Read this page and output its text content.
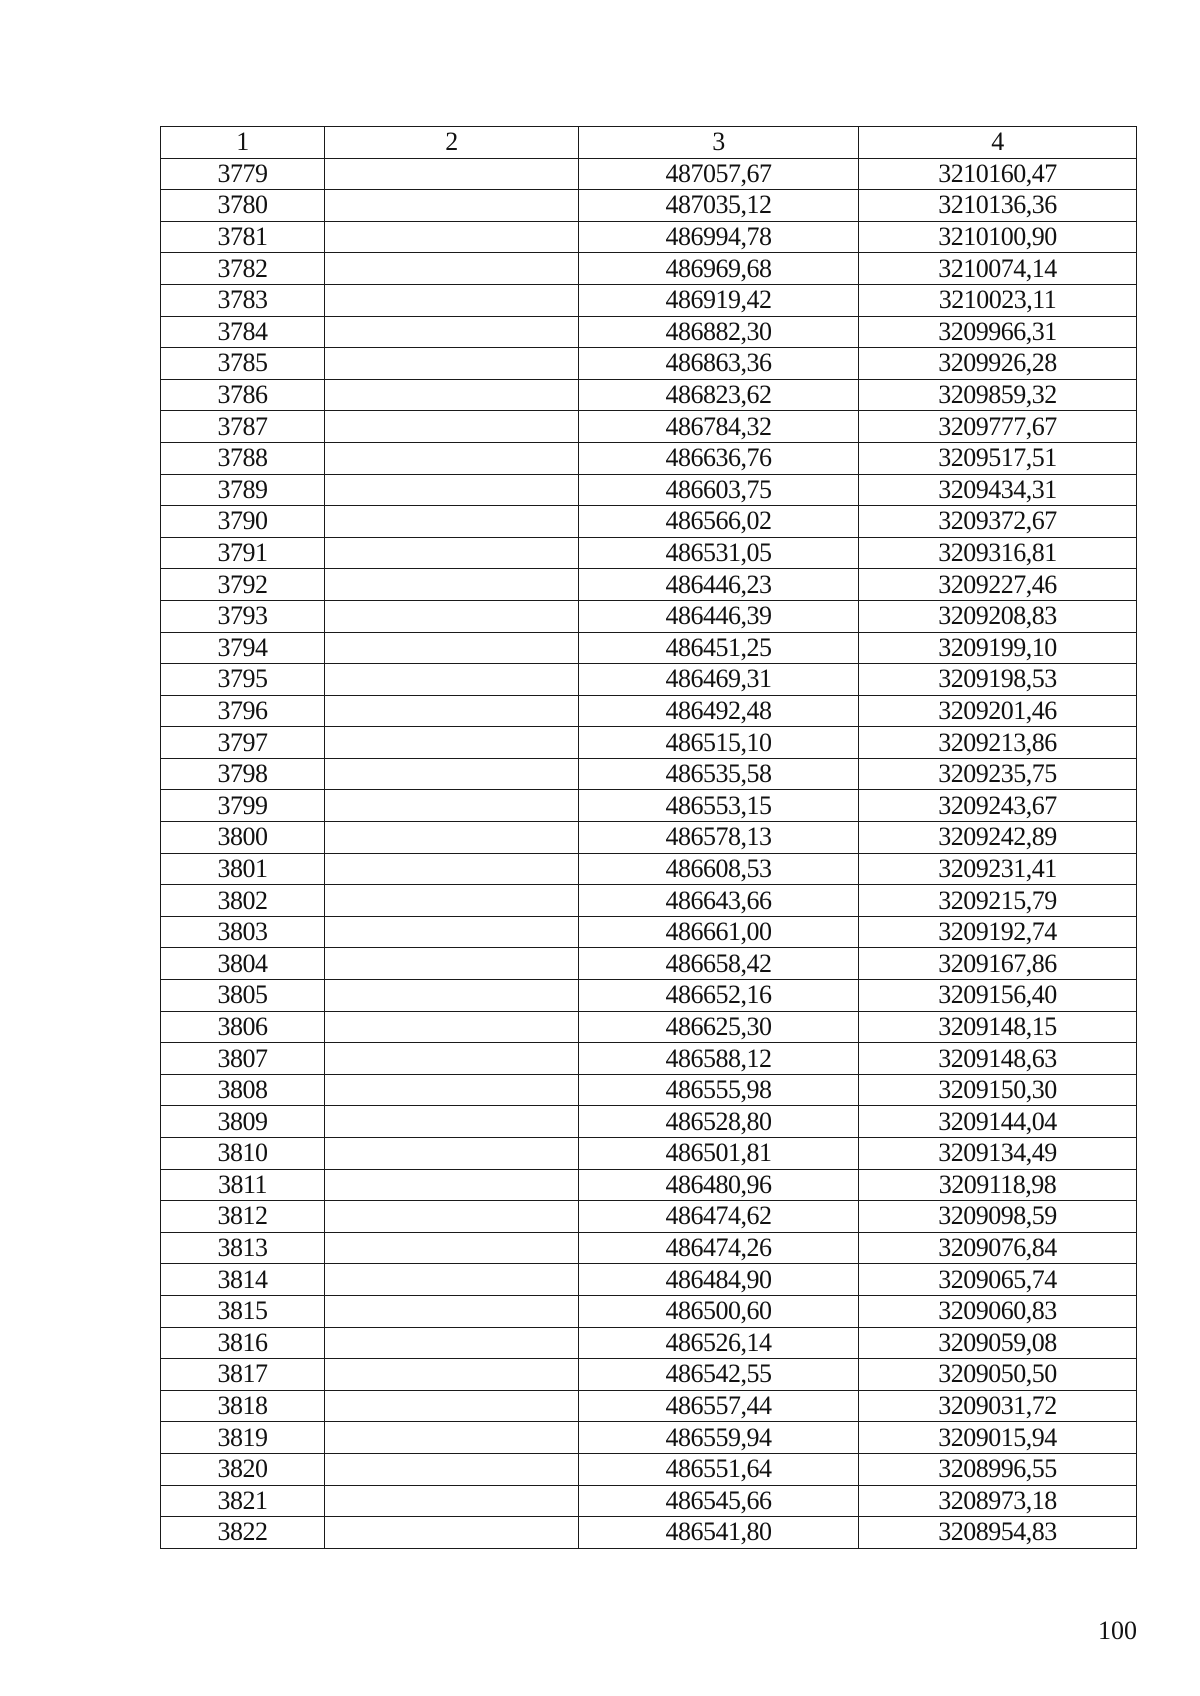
1	2	3	4
3779		487057,67	3210160,47
3780		487035,12	3210136,36
3781		486994,78	3210100,90
3782		486969,68	3210074,14
3783		486919,42	3210023,11
3784		486882,30	3209966,31
3785		486863,36	3209926,28
3786		486823,62	3209859,32
3787		486784,32	3209777,67
3788		486636,76	3209517,51
3789		486603,75	3209434,31
3790		486566,02	3209372,67
3791		486531,05	3209316,81
3792		486446,23	3209227,46
3793		486446,39	3209208,83
3794		486451,25	3209199,10
3795		486469,31	3209198,53
3796		486492,48	3209201,46
3797		486515,10	3209213,86
3798		486535,58	3209235,75
3799		486553,15	3209243,67
3800		486578,13	3209242,89
3801		486608,53	3209231,41
3802		486643,66	3209215,79
3803		486661,00	3209192,74
3804		486658,42	3209167,86
3805		486652,16	3209156,40
3806		486625,30	3209148,15
3807		486588,12	3209148,63
3808		486555,98	3209150,30
3809		486528,80	3209144,04
3810		486501,81	3209134,49
3811		486480,96	3209118,98
3812		486474,62	3209098,59
3813		486474,26	3209076,84
3814		486484,90	3209065,74
3815		486500,60	3209060,83
3816		486526,14	3209059,08
3817		486542,55	3209050,50
3818		486557,44	3209031,72
3819		486559,94	3209015,94
3820		486551,64	3208996,55
3821		486545,66	3208973,18
3822		486541,80	3208954,83
100
